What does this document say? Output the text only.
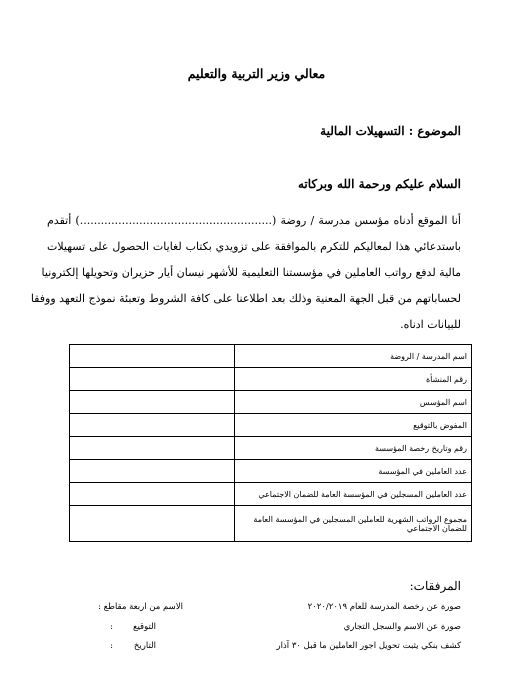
معالي وزير التربية والتعليم
الموضوع : التسهيلات المالية
السلام عليكم ورحمة الله وبركاته
أنا الموقع أدناه مؤسس مدرسة / روضة (.......................................................) أتقدم
باستدعائي هذا لمعاليكم للتكرم بالموافقة على تزويدي بكتاب لغايات الحصول على تسهيلات
مالية لدفع رواتب العاملين في مؤسستنا التعليمية للأشهر نيسان أيار حزيران وتحويلها إلكترونيا
لحساباتهم من قبل الجهة المعنية وذلك بعد اطلاعنا على كافة الشروط وتعبئة نموذج التعهد ووفقا
للبيانات ادناه.
اسم المدرسة / الروضة	
رقم المنشأة	
اسم المؤسس	
المفوض بالتوقيع	
رقم وتاريخ رخصة المؤسسة	
عدد العاملين في المؤسسة	
عدد العاملين المسجلين في المؤسسة العامة للضمان الاجتماعي	
مجموع الرواتب الشهرية للعاملين المسجلين في المؤسسة العامة للضمان الاجتماعي	
المرفقات:
صورة عن رخصة المدرسة للعام ٢٠٢٠/٢٠١٩
الاسم من اربعة مقاطع :
صورة عن الاسم والسجل التجاري
التوقيع
:
كشف بنكي يثبت تحويل اجور العاملين ما قبل ٣٠ آذار
التاريخ
:
